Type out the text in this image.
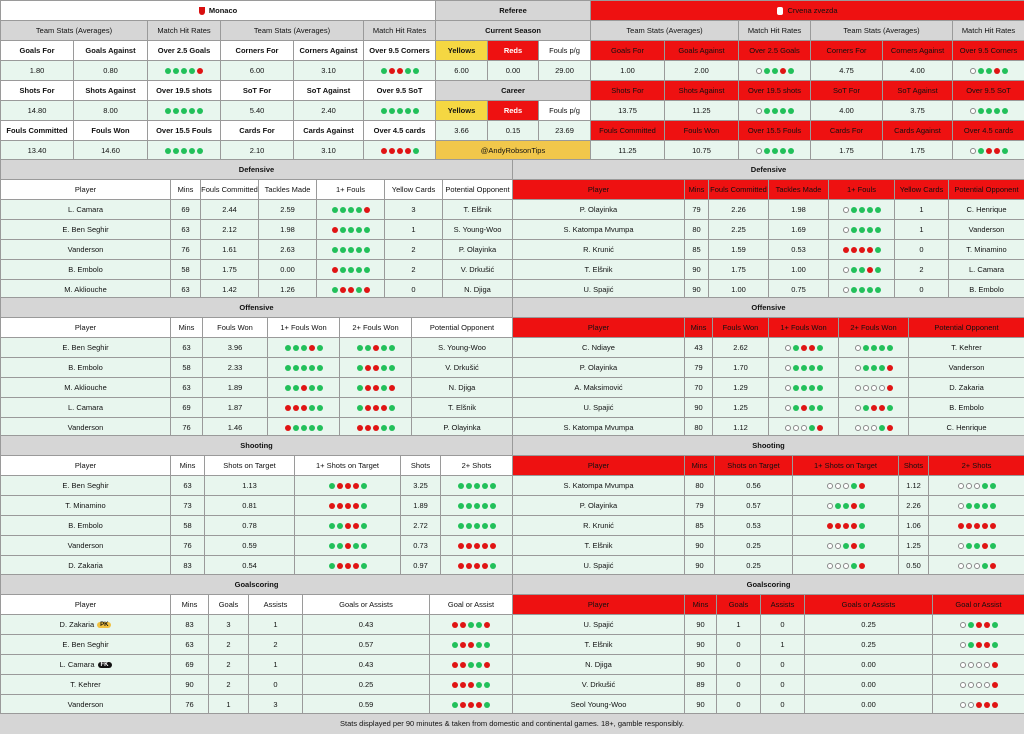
Monaco					
Team Stats (Averages)		Match Hit Rates	Team Stats (Averages)		Match Hit Rates
Goals For	Goals Against	Over 2.5 Goals	Corners For	Corners Against	Over 9.5 Corners
1.80	0.80		6.00	3.10	
Shots For	Shots Against	Over 19.5 shots	SoT For	SoT Against	Over 9.5 SoT
14.80	8.00		5.40	2.40	
Fouls Committed	Fouls Won	Over 15.5 Fouls	Cards For	Cards Against	Over 4.5 cards
13.40	14.60		2.10	3.10	
Referee		
Current Season		
Yellows	Reds	Fouls p/g
6.00	0.00	29.00
Career		
Yellows	Reds	Fouls p/g
3.66	0.15	23.69
@AndyRobsonTips		
Crvena zvezda					
Team Stats (Averages)		Match Hit Rates	Team Stats (Averages)		Match Hit Rates
Goals For	Goals Against	Over 2.5 Goals	Corners For	Corners Against	Over 9.5 Corners
1.00	2.00		4.75	4.00	
Shots For	Shots Against	Over 19.5 shots	SoT For	SoT Against	Over 9.5 SoT
13.75	11.25		4.00	3.75	
Fouls Committed	Fouls Won	Over 15.5 Fouls	Cards For	Cards Against	Over 4.5 cards
11.25	10.75		1.75	1.75	
Defensive						
Player	Mins	Fouls Committed	Tackles Made	1+ Fouls	Yellow Cards	Potential Opponent
L. Camara	69	2.44	2.59		3	T. Elšnik
E. Ben Seghir	63	2.12	1.98		1	S. Young-Woo
Vanderson	76	1.61	2.63		2	P. Olayinka
B. Embolo	58	1.75	0.00		2	V. Drkušić
M. Akliouche	63	1.42	1.26		0	N. Djiga
Defensive						
Player	Mins	Fouls Committed	Tackles Made	1+ Fouls	Yellow Cards	Potential Opponent
P. Olayinka	79	2.26	1.98		1	C. Henrique
S. Katompa Mvumpa	80	2.25	1.69		1	Vanderson
R. Krunić	85	1.59	0.53		0	T. Minamino
T. Elšnik	90	1.75	1.00		2	L. Camara
U. Spajić	90	1.00	0.75		0	B. Embolo
Offensive					
Player	Mins	Fouls Won	1+ Fouls Won	2+ Fouls Won	Potential Opponent
E. Ben Seghir	63	3.96			S. Young-Woo
B. Embolo	58	2.33			V. Drkušić
M. Akliouche	63	1.89			N. Djiga
L. Camara	69	1.87			T. Elšnik
Vanderson	76	1.46			P. Olayinka
Offensive					
Player	Mins	Fouls Won	1+ Fouls Won	2+ Fouls Won	Potential Opponent
C. Ndiaye	43	2.62			T. Kehrer
P. Olayinka	79	1.70			Vanderson
A. Maksimović	70	1.29			D. Zakaria
U. Spajić	90	1.25			B. Embolo
S. Katompa Mvumpa	80	1.12			C. Henrique
Shooting					
Player	Mins	Shots on Target	1+ Shots on Target	Shots	2+ Shots
E. Ben Seghir	63	1.13		3.25	
T. Minamino	73	0.81		1.89	
B. Embolo	58	0.78		2.72	
Vanderson	76	0.59		0.73	
D. Zakaria	83	0.54		0.97	
Shooting					
Player	Mins	Shots on Target	1+ Shots on Target	Shots	2+ Shots
S. Katompa Mvumpa	80	0.56		1.12	
P. Olayinka	79	0.57		2.26	
R. Krunić	85	0.53		1.06	
T. Elšnik	90	0.25		1.25	
U. Spajić	90	0.25		0.50	
Goalscoring					
Player	Mins	Goals	Assists	Goals or Assists	Goal or Assist
D. Zakaria PK	83	3	1	0.43	
E. Ben Seghir	63	2	2	0.57	
L. Camara FK	69	2	1	0.43	
T. Kehrer	90	2	0	0.25	
Vanderson	76	1	3	0.59	
Goalscoring					
Player	Mins	Goals	Assists	Goals or Assists	Goal or Assist
U. Spajić	90	1	0	0.25	
T. Elšnik	90	0	1	0.25	
N. Djiga	90	0	0	0.00	
V. Drkušić	89	0	0	0.00	
Seol Young-Woo	90	0	0	0.00	
Stats displayed per 90 minutes & taken from domestic and continental games. 18+, gamble responsibly.
